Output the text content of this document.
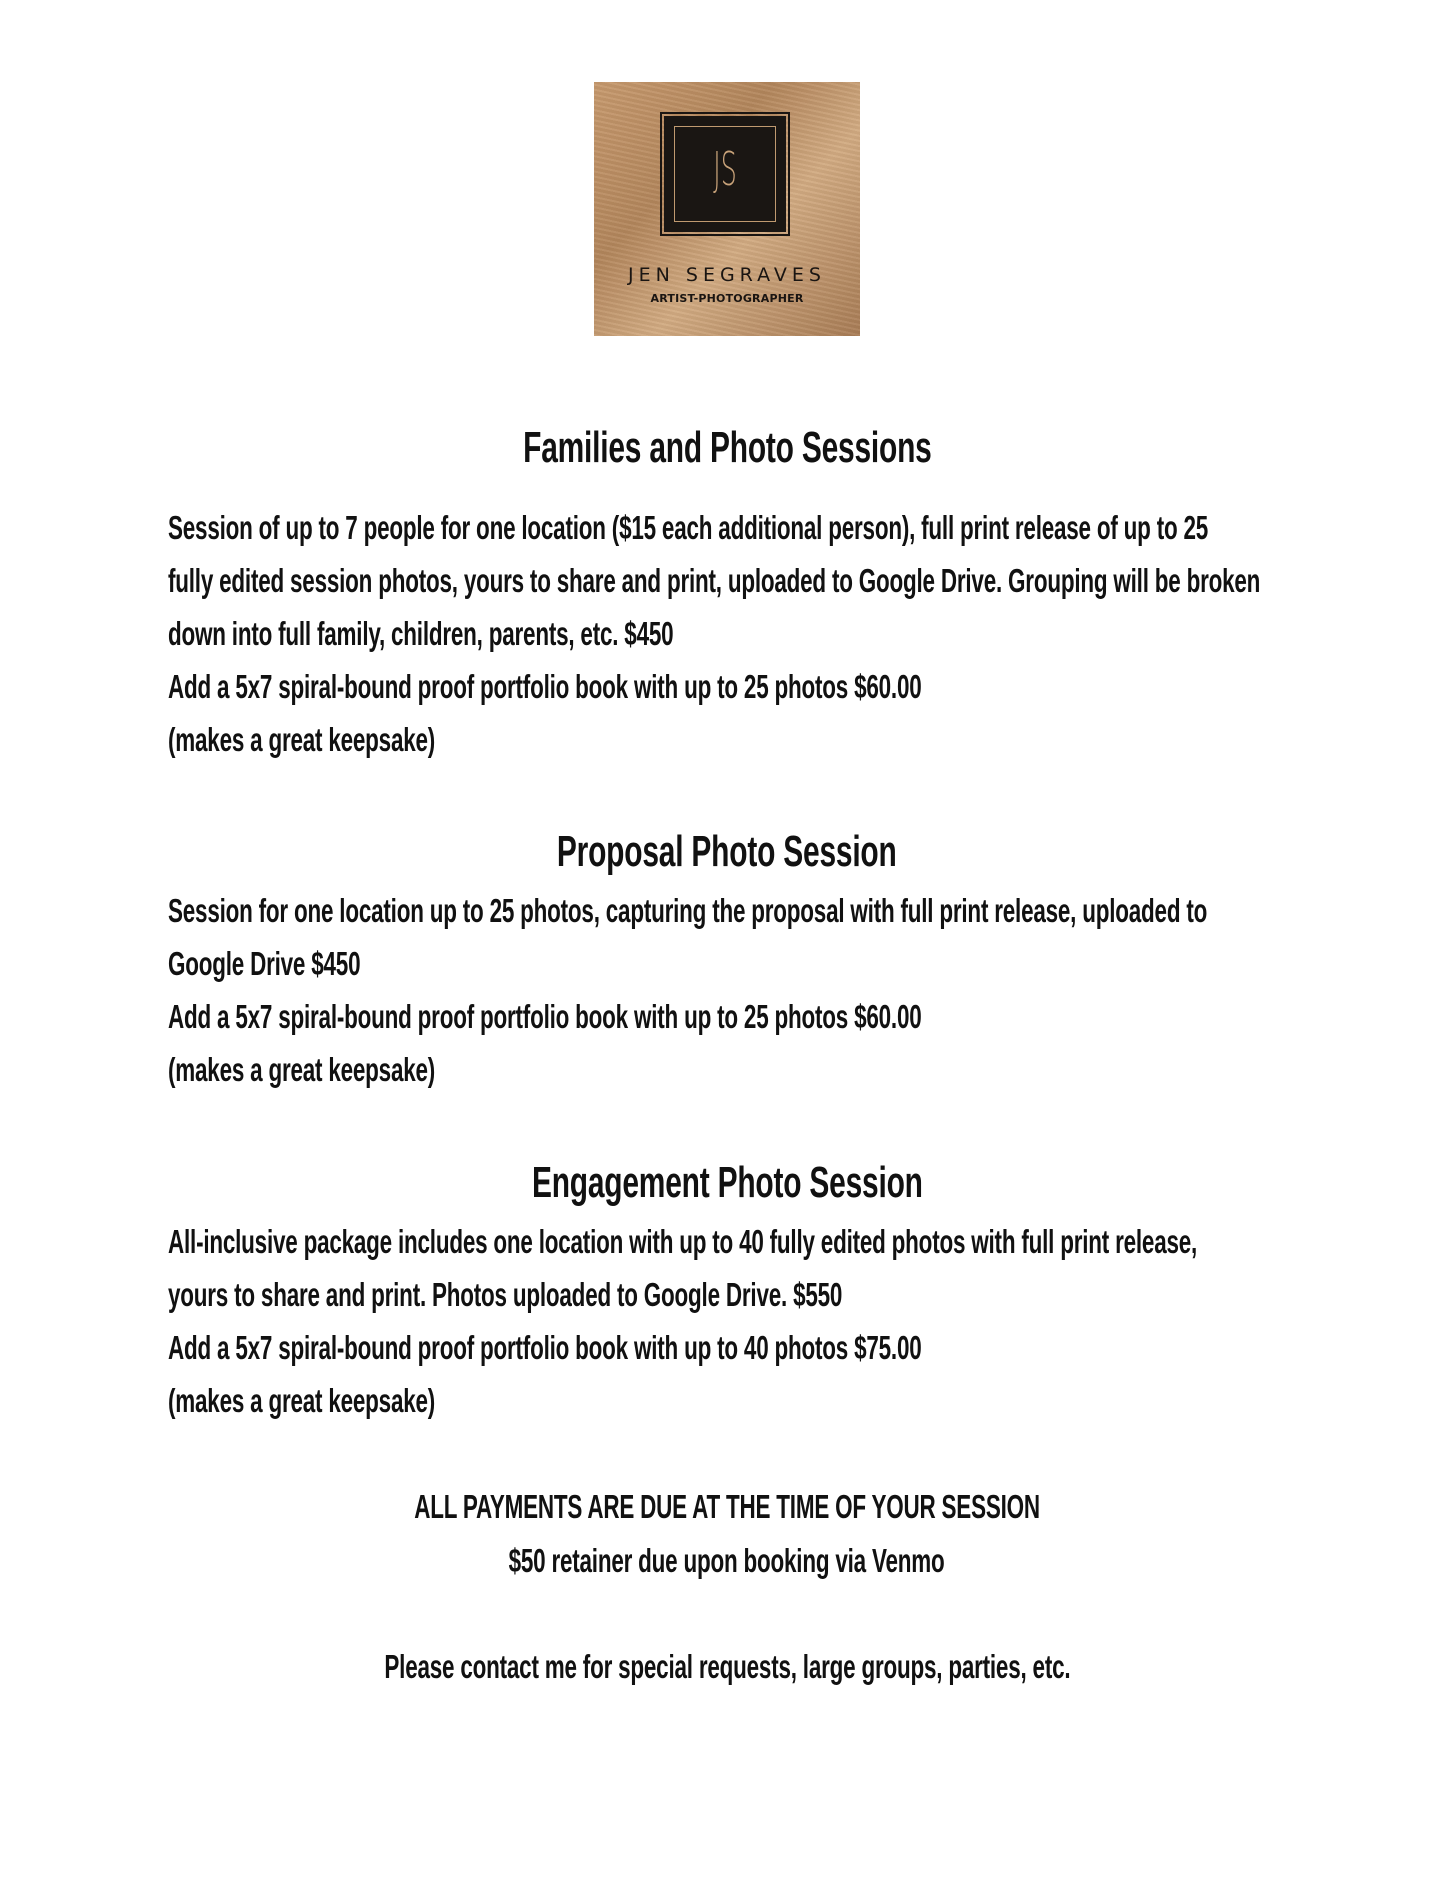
JS
JEN SEGRAVES
ARTIST-PHOTOGRAPHER
Families and Photo Sessions
Session of up to 7 people for one location ($15 each additional person), full print release of up to 25
fully edited session photos, yours to share and print, uploaded to Google Drive. Grouping will be broken
down into full family, children, parents, etc. $450
Add a 5x7 spiral-bound proof portfolio book with up to 25 photos $60.00
(makes a great keepsake)
Proposal Photo Session
Session for one location up to 25 photos, capturing the proposal with full print release, uploaded to
Google Drive $450
Add a 5x7 spiral-bound proof portfolio book with up to 25 photos $60.00
(makes a great keepsake)
Engagement Photo Session
All-inclusive package includes one location with up to 40 fully edited photos with full print release,
yours to share and print. Photos uploaded to Google Drive. $550
Add a 5x7 spiral-bound proof portfolio book with up to 40 photos $75.00
(makes a great keepsake)
ALL PAYMENTS ARE DUE AT THE TIME OF YOUR SESSION
$50 retainer due upon booking via Venmo
Please contact me for special requests, large groups, parties, etc.
